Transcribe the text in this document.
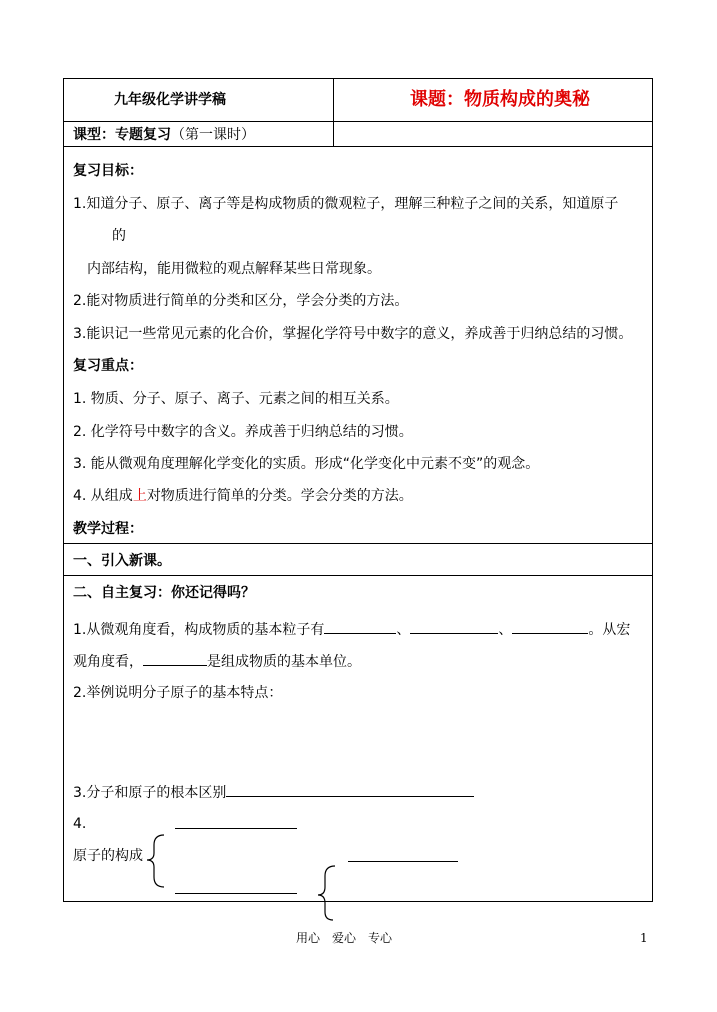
九年级化学讲学稿	课题：物质构成的奥秘
课型：专题复习（第一课时）
复习目标：
1.知道分子、原子、离子等是构成物质的微观粒子，理解三种粒子之间的关系，知道原子
的
内部结构，能用微粒的观点解释某些日常现象。
2.能对物质进行简单的分类和区分，学会分类的方法。
3.能识记一些常见元素的化合价，掌握化学符号中数字的意义，养成善于归纳总结的习惯。
复习重点：
1. 物质、分子、原子、离子、元素之间的相互关系。
2. 化学符号中数字的含义。养成善于归纳总结的习惯。
3. 能从微观角度理解化学变化的实质。形成“化学变化中元素不变”的观念。
4. 从组成上对物质进行简单的分类。学会分类的方法。
教学过程：
一、引入新课。
二、自主复习：你还记得吗？
1.从微观角度看，构成物质的基本粒子有	、	、	。从宏
观角度看，	是组成物质的基本单位。
2.举例说明分子原子的基本特点：
3.分子和原子的根本区别
4.
原子的构成
用心　爱心　专心	1
